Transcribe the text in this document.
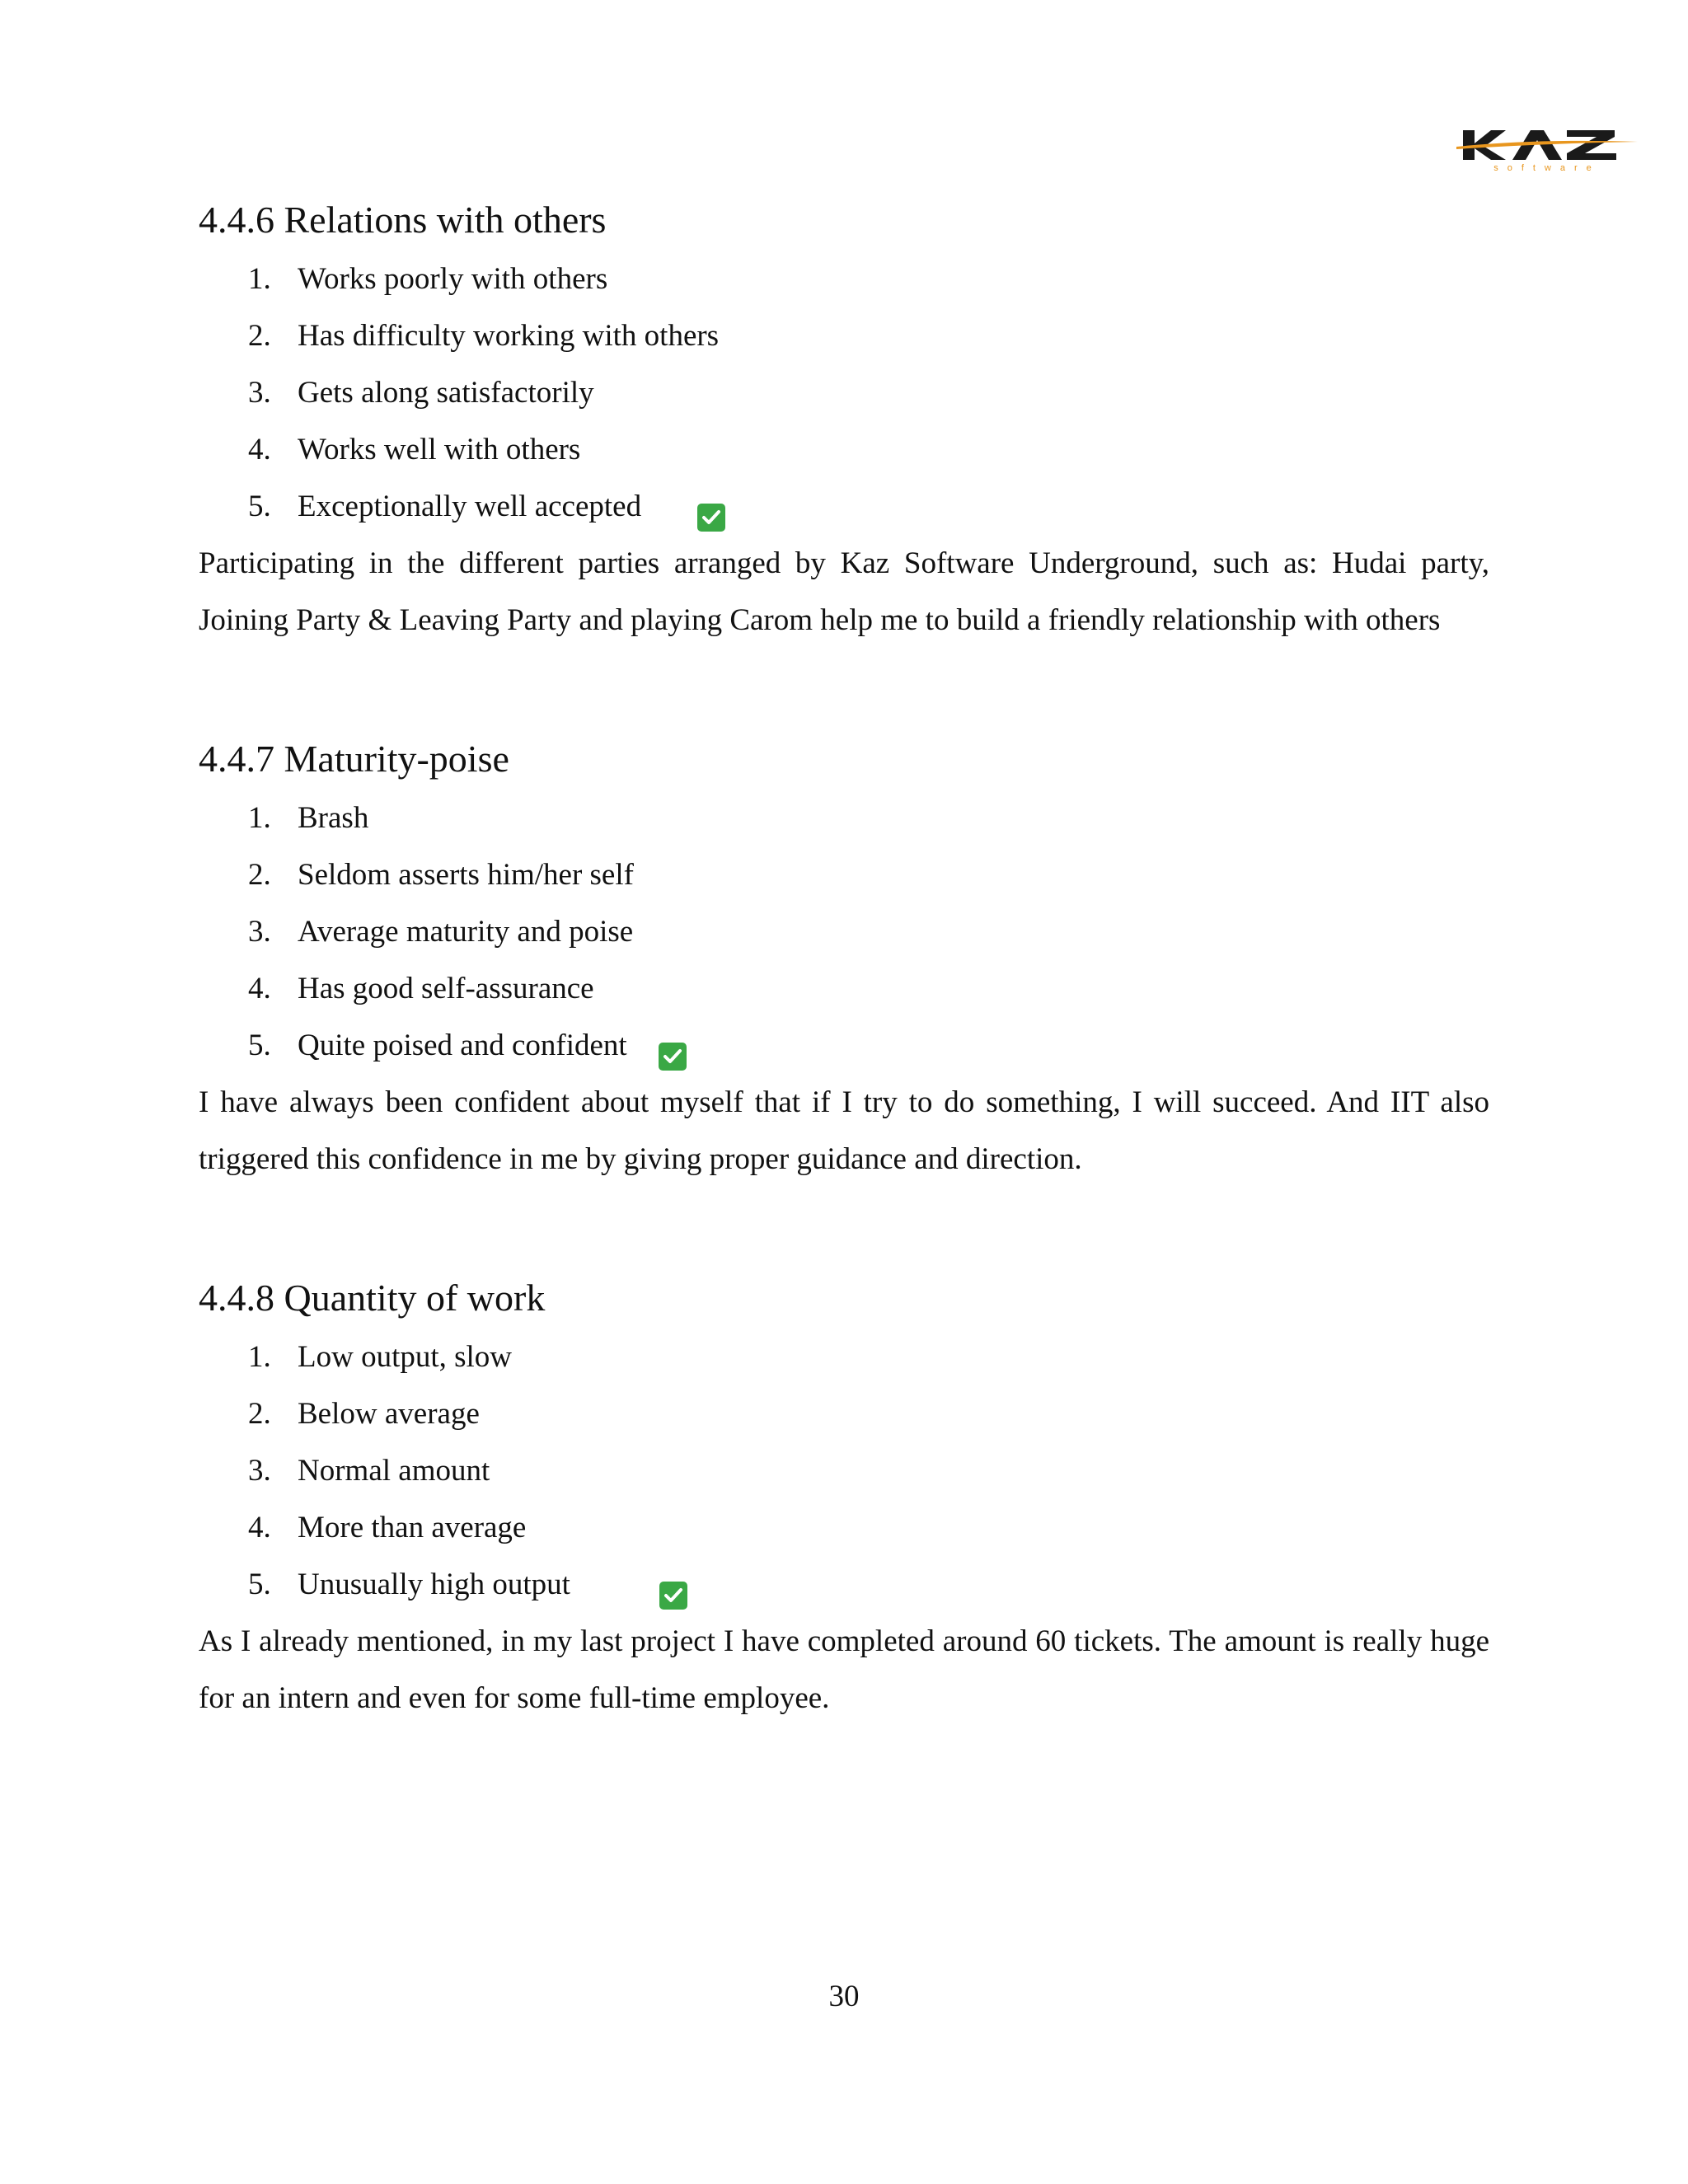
software
4.4.6 Relations with others
1. Works poorly with others
2. Has difficulty working with others
3. Gets along satisfactorily
4. Works well with others
5. Exceptionally well accepted

Participating in the different parties arranged by Kaz Software Underground, such as: Hudai party, Joining Party & Leaving Party and playing Carom help me to build a friendly relationship with others

4.4.7 Maturity-poise
1. Brash
2. Seldom asserts him/her self
3. Average maturity and poise
4. Has good self-assurance
5. Quite poised and confident

I have always been confident about myself that if I try to do something, I will succeed. And IIT also triggered this confidence in me by giving proper guidance and direction.

4.4.8 Quantity of work
1. Low output, slow
2. Below average
3. Normal amount
4. More than average
5. Unusually high output

As I already mentioned, in my last project I have completed around 60 tickets. The amount is really huge for an intern and even for some full-time employee.

30
